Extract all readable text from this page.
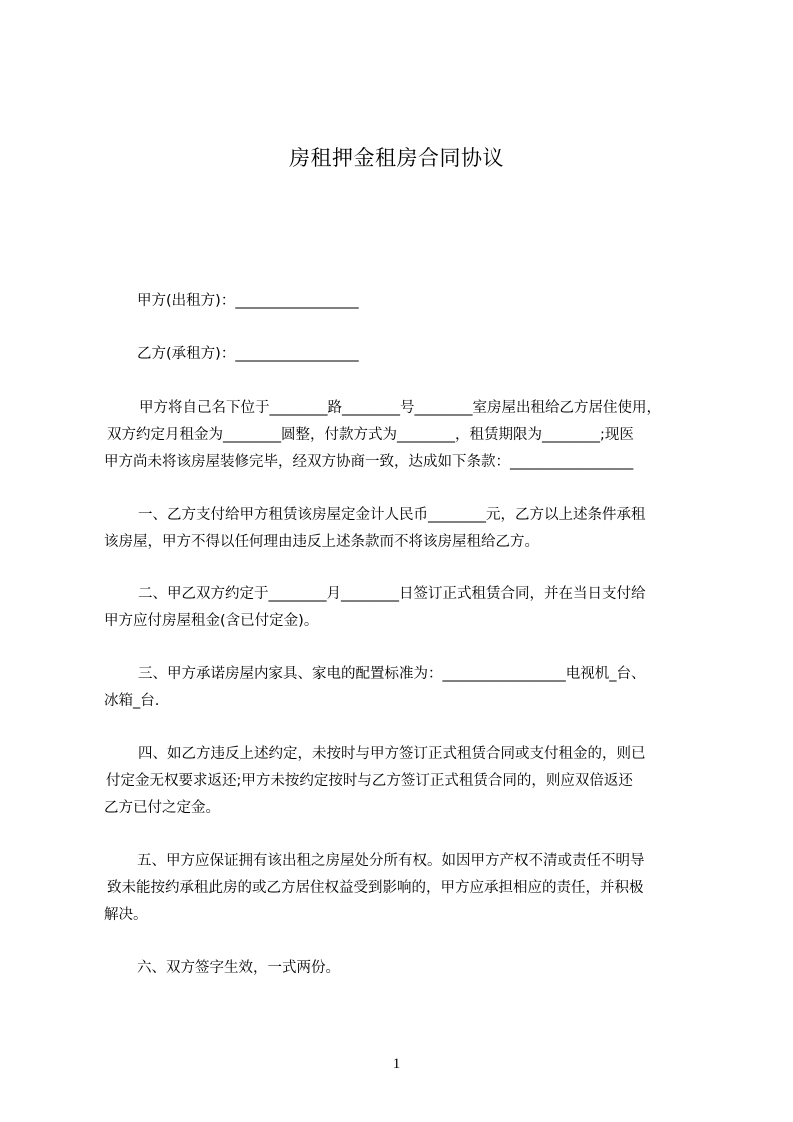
房租押金租房合同协议
甲方(出租方)：_________________
乙方(承租方)：_________________
甲方将自己名下位于________路________号________室房屋出租给乙方居住使用，
双方约定月租金为________圆整，付款方式为________，租赁期限为________;现医
甲方尚未将该房屋装修完毕，经双方协商一致，达成如下条款：_________________
一、乙方支付给甲方租赁该房屋定金计人民币________元，乙方以上述条件承租
该房屋，甲方不得以任何理由违反上述条款而不将该房屋租给乙方。
二、甲乙双方约定于________月________日签订正式租赁合同，并在当日支付给
甲方应付房屋租金(含已付定金)。
三、甲方承诺房屋内家具、家电的配置标准为：_________________电视机_台、
冰箱_台.
四、如乙方违反上述约定，未按时与甲方签订正式租赁合同或支付租金的，则已
付定金无权要求返还;甲方未按约定按时与乙方签订正式租赁合同的，则应双倍返还
乙方已付之定金。
五、甲方应保证拥有该出租之房屋处分所有权。如因甲方产权不清或责任不明导
致未能按约承租此房的或乙方居住权益受到影响的，甲方应承担相应的责任，并积极
解决。
六、双方签字生效，一式两份。
1
